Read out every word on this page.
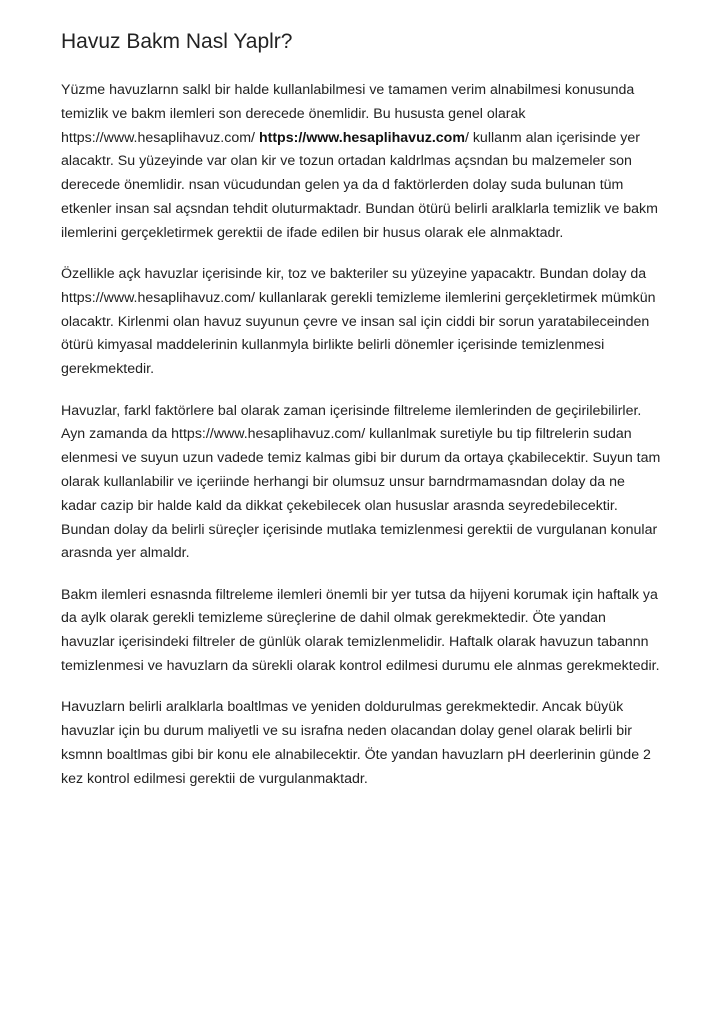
Havuz Bakm Nasl Yaplr?

Yüzme havuzlarnn salkl bir halde kullanlabilmesi ve tamamen verim alnabilmesi konusunda temizlik ve bakm ilemleri son derecede önemlidir. Bu hususta genel olarak https://www.hesaplihavuz.com/ https://www.hesaplihavuz.com/ kullanm alan içerisinde yer alacaktr. Su yüzeyinde var olan kir ve tozun ortadan kaldrlmas açsndan bu malzemeler son derecede önemlidir. nsan vücudundan gelen ya da d faktörlerden dolay suda bulunan tüm etkenler insan sal açsndan tehdit oluturmaktadr. Bundan ötürü belirli aralklarla temizlik ve bakm ilemlerini gerçekletirmek gerektii de ifade edilen bir husus olarak ele alnmaktadr.

Özellikle açk havuzlar içerisinde kir, toz ve bakteriler su yüzeyine yapacaktr. Bundan dolay da https://www.hesaplihavuz.com/ kullanlarak gerekli temizleme ilemlerini gerçekletirmek mümkün olacaktr. Kirlenmi olan havuz suyunun çevre ve insan sal için ciddi bir sorun yaratabileceinden ötürü kimyasal maddelerinin kullanmyla birlikte belirli dönemler içerisinde temizlenmesi gerekmektedir.

Havuzlar, farkl faktörlere bal olarak zaman içerisinde filtreleme ilemlerinden de geçirilebilirler. Ayn zamanda da https://www.hesaplihavuz.com/ kullanlmak suretiyle bu tip filtrelerin sudan elenmesi ve suyun uzun vadede temiz kalmas gibi bir durum da ortaya çkabilecektir. Suyun tam olarak kullanlabilir ve içeriinde herhangi bir olumsuz unsur barndrmamasndan dolay da ne kadar cazip bir halde kald da dikkat çekebilecek olan hususlar arasnda seyredebilecektir. Bundan dolay da belirli süreçler içerisinde mutlaka temizlenmesi gerektii de vurgulanan konular arasnda yer almaldr.

Bakm ilemleri esnasnda filtreleme ilemleri önemli bir yer tutsa da hijyeni korumak için haftalk ya da aylk olarak gerekli temizleme süreçlerine de dahil olmak gerekmektedir. Öte yandan havuzlar içerisindeki filtreler de günlük olarak temizlenmelidir. Haftalk olarak havuzun tabannn temizlenmesi ve havuzlarn da sürekli olarak kontrol edilmesi durumu ele alnmas gerekmektedir.

Havuzlarn belirli aralklarla boaltlmas ve yeniden doldurulmas gerekmektedir. Ancak büyük havuzlar için bu durum maliyetli ve su israfna neden olacandan dolay genel olarak belirli bir ksmnn boaltlmas gibi bir konu ele alnabilecektir. Öte yandan havuzlarn pH deerlerinin günde 2 kez kontrol edilmesi gerektii de vurgulanmaktadr.
